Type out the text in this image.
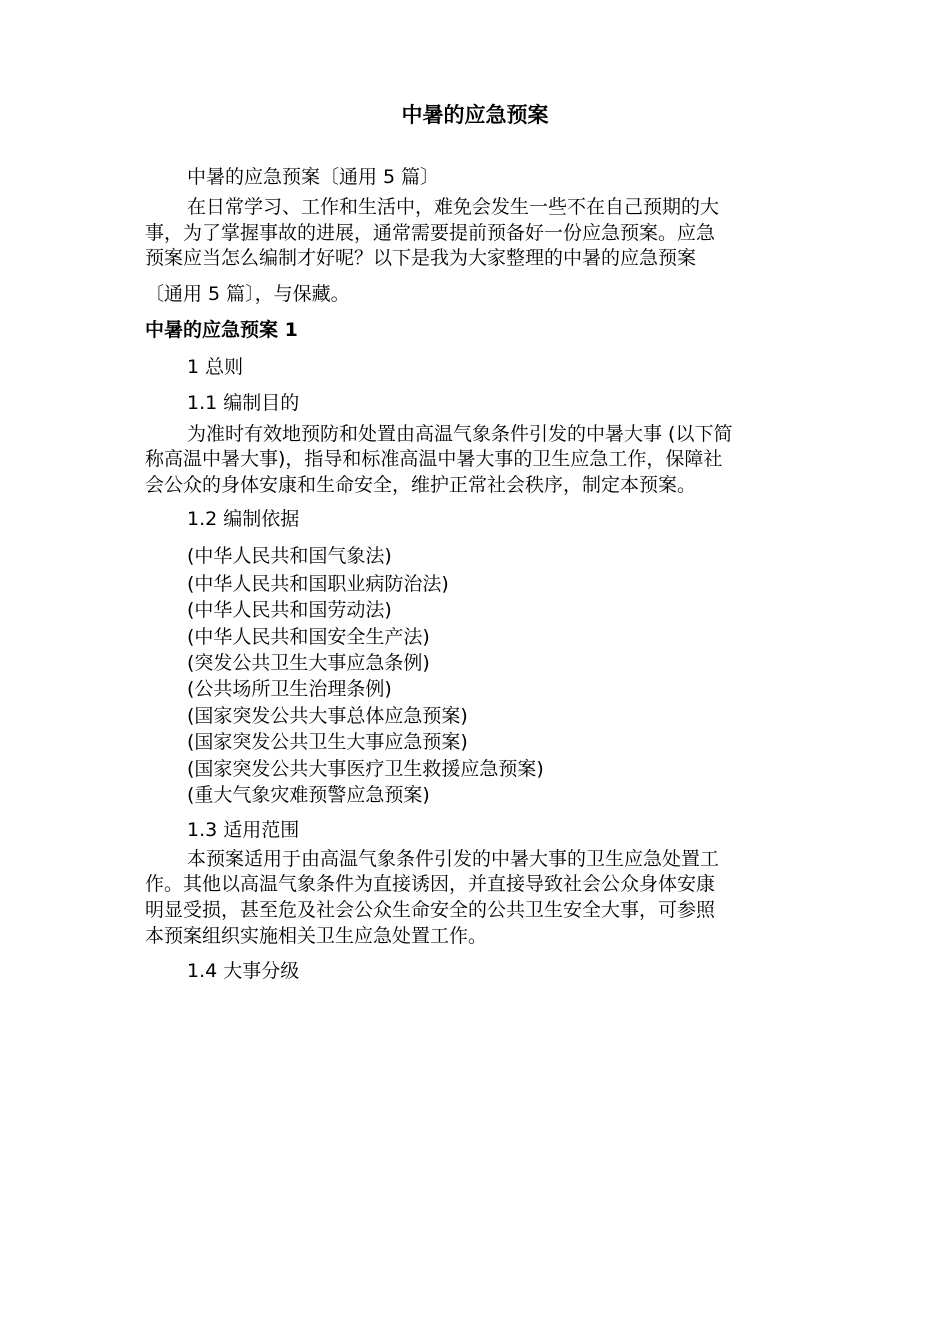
中暑的应急预案
中暑的应急预案〔通用 5 篇〕
在日常学习、工作和生活中，难免会发生一些不在自己预期的大
事，为了掌握事故的进展，通常需要提前预备好一份应急预案。应急
预案应当怎么编制才好呢？以下是我为大家整理的中暑的应急预案
〔通用 5 篇〕，与保藏。
中暑的应急预案 1
1 总则
1.1 编制目的
为准时有效地预防和处置由高温气象条件引发的中暑大事 (以下简
称高温中暑大事)，指导和标准高温中暑大事的卫生应急工作，保障社
会公众的身体安康和生命安全，维护正常社会秩序，制定本预案。
1.2 编制依据
(中华人民共和国气象法)
(中华人民共和国职业病防治法)
(中华人民共和国劳动法)
(中华人民共和国安全生产法)
(突发公共卫生大事应急条例)
(公共场所卫生治理条例)
(国家突发公共大事总体应急预案)
(国家突发公共卫生大事应急预案)
(国家突发公共大事医疗卫生救援应急预案)
(重大气象灾难预警应急预案)
1.3 适用范围
本预案适用于由高温气象条件引发的中暑大事的卫生应急处置工
作。其他以高温气象条件为直接诱因，并直接导致社会公众身体安康
明显受损，甚至危及社会公众生命安全的公共卫生安全大事，可参照
本预案组织实施相关卫生应急处置工作。
1.4 大事分级
